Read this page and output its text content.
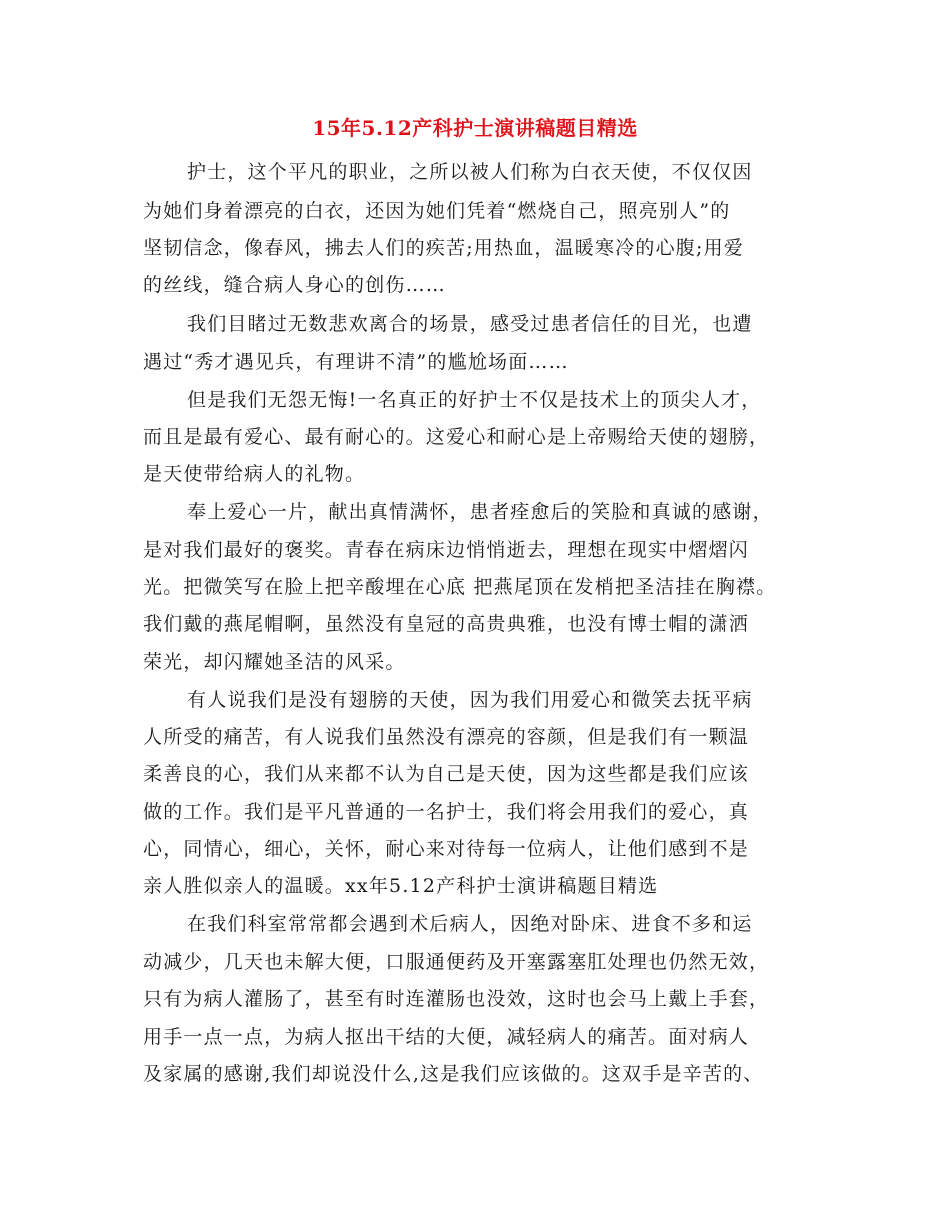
15年5.12产科护士演讲稿题目精选
护士，这个平凡的职业，之所以被人们称为白衣天使，不仅仅因
为她们身着漂亮的白衣，还因为她们凭着“燃烧自己，照亮别人”的
坚韧信念，像春风，拂去人们的疾苦;用热血，温暖寒冷的心腹;用爱
的丝线，缝合病人身心的创伤……
我们目睹过无数悲欢离合的场景，感受过患者信任的目光，也遭
遇过“秀才遇见兵，有理讲不清”的尴尬场面……
但是我们无怨无悔!一名真正的好护士不仅是技术上的顶尖人才，
而且是最有爱心、最有耐心的。这爱心和耐心是上帝赐给天使的翅膀，
是天使带给病人的礼物。
奉上爱心一片，献出真情满怀，患者痊愈后的笑脸和真诚的感谢，
是对我们最好的褒奖。青春在病床边悄悄逝去，理想在现实中熠熠闪
光。把微笑写在脸上把辛酸埋在心底 把燕尾顶在发梢把圣洁挂在胸襟。
我们戴的燕尾帽啊，虽然没有皇冠的高贵典雅，也没有博士帽的潇洒
荣光，却闪耀她圣洁的风采。
有人说我们是没有翅膀的天使，因为我们用爱心和微笑去抚平病
人所受的痛苦，有人说我们虽然没有漂亮的容颜，但是我们有一颗温
柔善良的心，我们从来都不认为自己是天使，因为这些都是我们应该
做的工作。我们是平凡普通的一名护士，我们将会用我们的爱心，真
心，同情心，细心，关怀，耐心来对待每一位病人，让他们感到不是
亲人胜似亲人的温暖。xx年5.12产科护士演讲稿题目精选
在我们科室常常都会遇到术后病人，因绝对卧床、进食不多和运
动减少，几天也未解大便，口服通便药及开塞露塞肛处理也仍然无效，
只有为病人灌肠了，甚至有时连灌肠也没效，这时也会马上戴上手套，
用手一点一点，为病人抠出干结的大便，减轻病人的痛苦。面对病人
及家属的感谢,我们却说没什么,这是我们应该做的。这双手是辛苦的、
